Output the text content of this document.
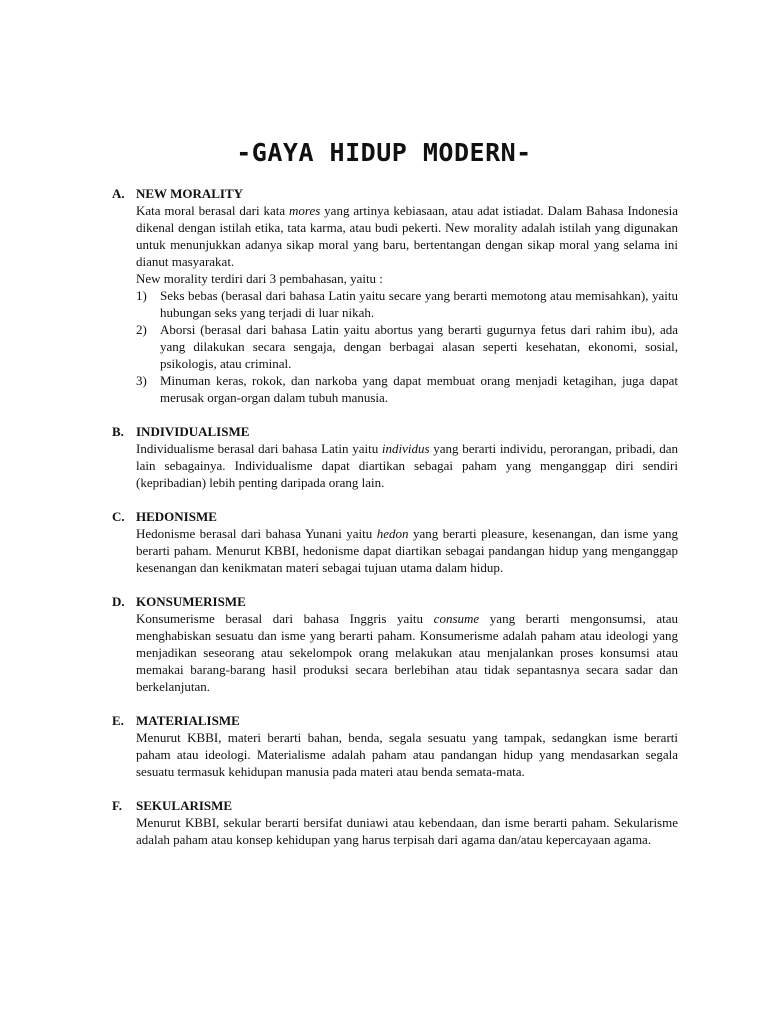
-GAYA HIDUP MODERN-
A. NEW MORALITY

Kata moral berasal dari kata mores yang artinya kebiasaan, atau adat istiadat. Dalam Bahasa Indonesia dikenal dengan istilah etika, tata karma, atau budi pekerti. New morality adalah istilah yang digunakan untuk menunjukkan adanya sikap moral yang baru, bertentangan dengan sikap moral yang selama ini dianut masyarakat.

New morality terdiri dari 3 pembahasan, yaitu :

1)	Seks bebas (berasal dari bahasa Latin yaitu secare yang berarti memotong atau memisahkan), yaitu hubungan seks yang terjadi di luar nikah.
2)	Aborsi (berasal dari bahasa Latin yaitu abortus yang berarti gugurnya fetus dari rahim ibu), ada yang dilakukan secara sengaja, dengan berbagai alasan seperti kesehatan, ekonomi, sosial, psikologis, atau criminal.
3)	Minuman keras, rokok, dan narkoba yang dapat membuat orang menjadi ketagihan, juga dapat merusak organ-organ dalam tubuh manusia.
B. INDIVIDUALISME

Individualisme berasal dari bahasa Latin yaitu individus yang berarti individu, perorangan, pribadi, dan lain sebagainya. Individualisme dapat diartikan sebagai paham yang menganggap diri sendiri (kepribadian) lebih penting daripada orang lain.

C. HEDONISME

Hedonisme berasal dari bahasa Yunani yaitu hedon yang berarti pleasure, kesenangan, dan isme yang berarti paham. Menurut KBBI, hedonisme dapat diartikan sebagai pandangan hidup yang menganggap kesenangan dan kenikmatan materi sebagai tujuan utama dalam hidup.

D. KONSUMERISME

Konsumerisme berasal dari bahasa Inggris yaitu consume yang berarti mengonsumsi, atau menghabiskan sesuatu dan isme yang berarti paham. Konsumerisme adalah paham atau ideologi yang menjadikan seseorang atau sekelompok orang melakukan atau menjalankan proses konsumsi atau memakai barang-barang hasil produksi secara berlebihan atau tidak sepantasnya secara sadar dan berkelanjutan.

E. MATERIALISME

Menurut KBBI, materi berarti bahan, benda, segala sesuatu yang tampak, sedangkan isme berarti paham atau ideologi. Materialisme adalah paham atau pandangan hidup yang mendasarkan segala sesuatu termasuk kehidupan manusia pada materi atau benda semata-mata.

F.	SEKULARISME

Menurut KBBI, sekular berarti bersifat duniawi atau kebendaan, dan isme berarti paham. Sekularisme adalah paham atau konsep kehidupan yang harus terpisah dari agama dan/atau kepercayaan agama.
